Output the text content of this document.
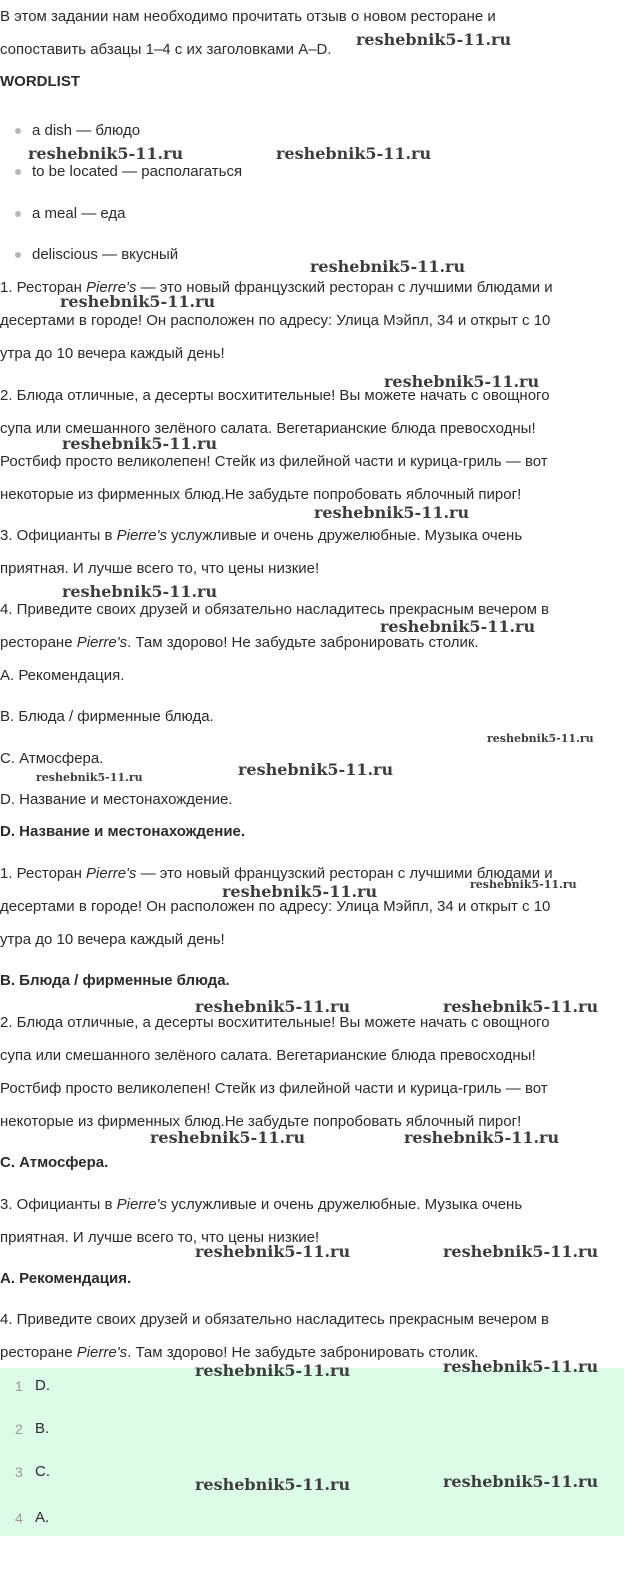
В этом задании нам необходимо прочитать отзыв о новом ресторане и
сопоставить абзацы 1–4 с их заголовками A–D.
WORDLIST
a dish — блюдо
to be located — располагаться
a meal — еда
deliscious — вкусный
1. Ресторан Pierre's — это новый французский ресторан с лучшими блюдами и
десертами в городе! Он расположен по адресу: Улица Мэйпл, 34 и открыт с 10
утра до 10 вечера каждый день!
2. Блюда отличные, а десерты восхитительные! Вы можете начать с овощного
супа или смешанного зелёного салата. Вегетарианские блюда превосходны!
Ростбиф просто великолепен! Стейк из филейной части и курица-гриль — вот
некоторые из фирменных блюд.Не забудьте попробовать яблочный пирог!
3. Официанты в Pierre's услужливые и очень дружелюбные. Музыка очень
приятная. И лучше всего то, что цены низкие!
4. Приведите своих друзей и обязательно насладитесь прекрасным вечером в
ресторане Pierre's. Там здорово! Не забудьте забронировать столик.
A. Рекомендация.
B. Блюда / фирменные блюда.
C. Атмосфера.
D. Название и местонахождение.
D. Название и местонахождение.
1. Ресторан Pierre's — это новый французский ресторан с лучшими блюдами и
десертами в городе! Он расположен по адресу: Улица Мэйпл, 34 и открыт с 10
утра до 10 вечера каждый день!
B. Блюда / фирменные блюда.
2. Блюда отличные, а десерты восхитительные! Вы можете начать с овощного
супа или смешанного зелёного салата. Вегетарианские блюда превосходны!
Ростбиф просто великолепен! Стейк из филейной части и курица-гриль — вот
некоторые из фирменных блюд.Не забудьте попробовать яблочный пирог!
C. Атмосфера.
3. Официанты в Pierre's услужливые и очень дружелюбные. Музыка очень
приятная. И лучше всего то, что цены низкие!
A. Рекомендация.
4. Приведите своих друзей и обязательно насладитесь прекрасным вечером в
ресторане Pierre's. Там здорово! Не забудьте забронировать столик.
1 D.
2 B.
3 C.
4 A.
reshebnik5-11.ru
reshebnik5-11.ru	reshebnik5-11.ru
reshebnik5-11.ru
reshebnik5-11.ru
reshebnik5-11.ru
reshebnik5-11.ru
reshebnik5-11.ru
reshebnik5-11.ru
reshebnik5-11.ru
reshebnik5-11.ru
reshebnik5-11.ru
reshebnik5-11.ru
reshebnik5-11.ru
reshebnik5-11.ru
reshebnik5-11.ru	reshebnik5-11.ru
reshebnik5-11.ru	reshebnik5-11.ru
reshebnik5-11.ru	reshebnik5-11.ru
reshebnik5-11.ru	reshebnik5-11.ru
reshebnik5-11.ru	reshebnik5-11.ru
